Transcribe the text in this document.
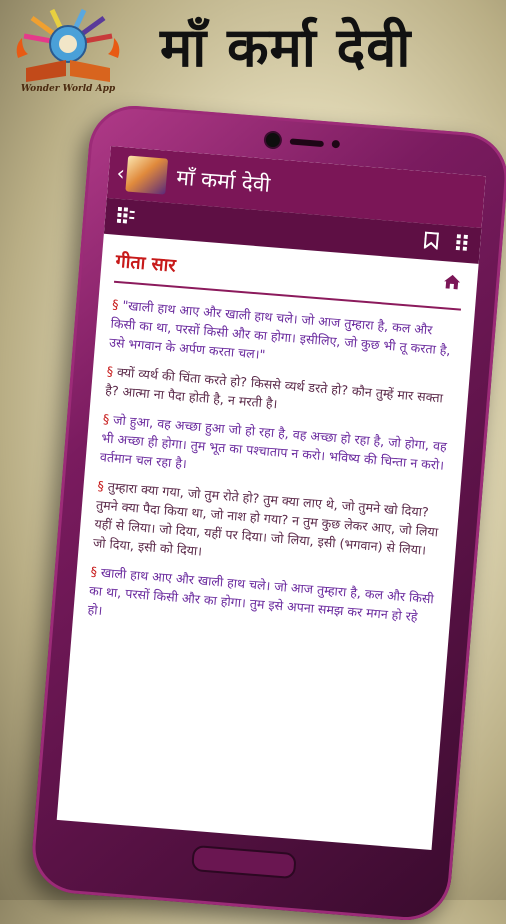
Wonder World App
माँ कर्मा देवी
‹ माँ कर्मा देवी
गीता सार

§ "खाली हाथ आए और खाली हाथ चले। जो आज तुम्हारा है, कल और किसी का था, परसों किसी और का होगा। इसीलिए, जो कुछ भी तू करता है, उसे भगवान के अर्पण करता चल।"

§ क्यों व्यर्थ की चिंता करते हो? किससे व्यर्थ डरते हो? कौन तुम्हें मार सक्ता है? आत्मा ना पैदा होती है, न मरती है।

§ जो हुआ, वह अच्छा हुआ जो हो रहा है, वह अच्छा हो रहा है, जो होगा, वह भी अच्छा ही होगा। तुम भूत का पश्चाताप न करो। भविष्य की चिन्ता न करो। वर्तमान चल रहा है।

§ तुम्हारा क्या गया, जो तुम रोते हो? तुम क्या लाए थे, जो तुमने खो दिया? तुमने क्या पैदा किया था, जो नाश हो गया? न तुम कुछ लेकर आए, जो लिया यहीं से लिया। जो दिया, यहीं पर दिया। जो लिया, इसी (भगवान) से लिया। जो दिया, इसी को दिया।

§ खाली हाथ आए और खाली हाथ चले। जो आज तुम्हारा है, कल और किसी का था, परसों किसी और का होगा। तुम इसे अपना समझ कर मगन हो रहे हो।
